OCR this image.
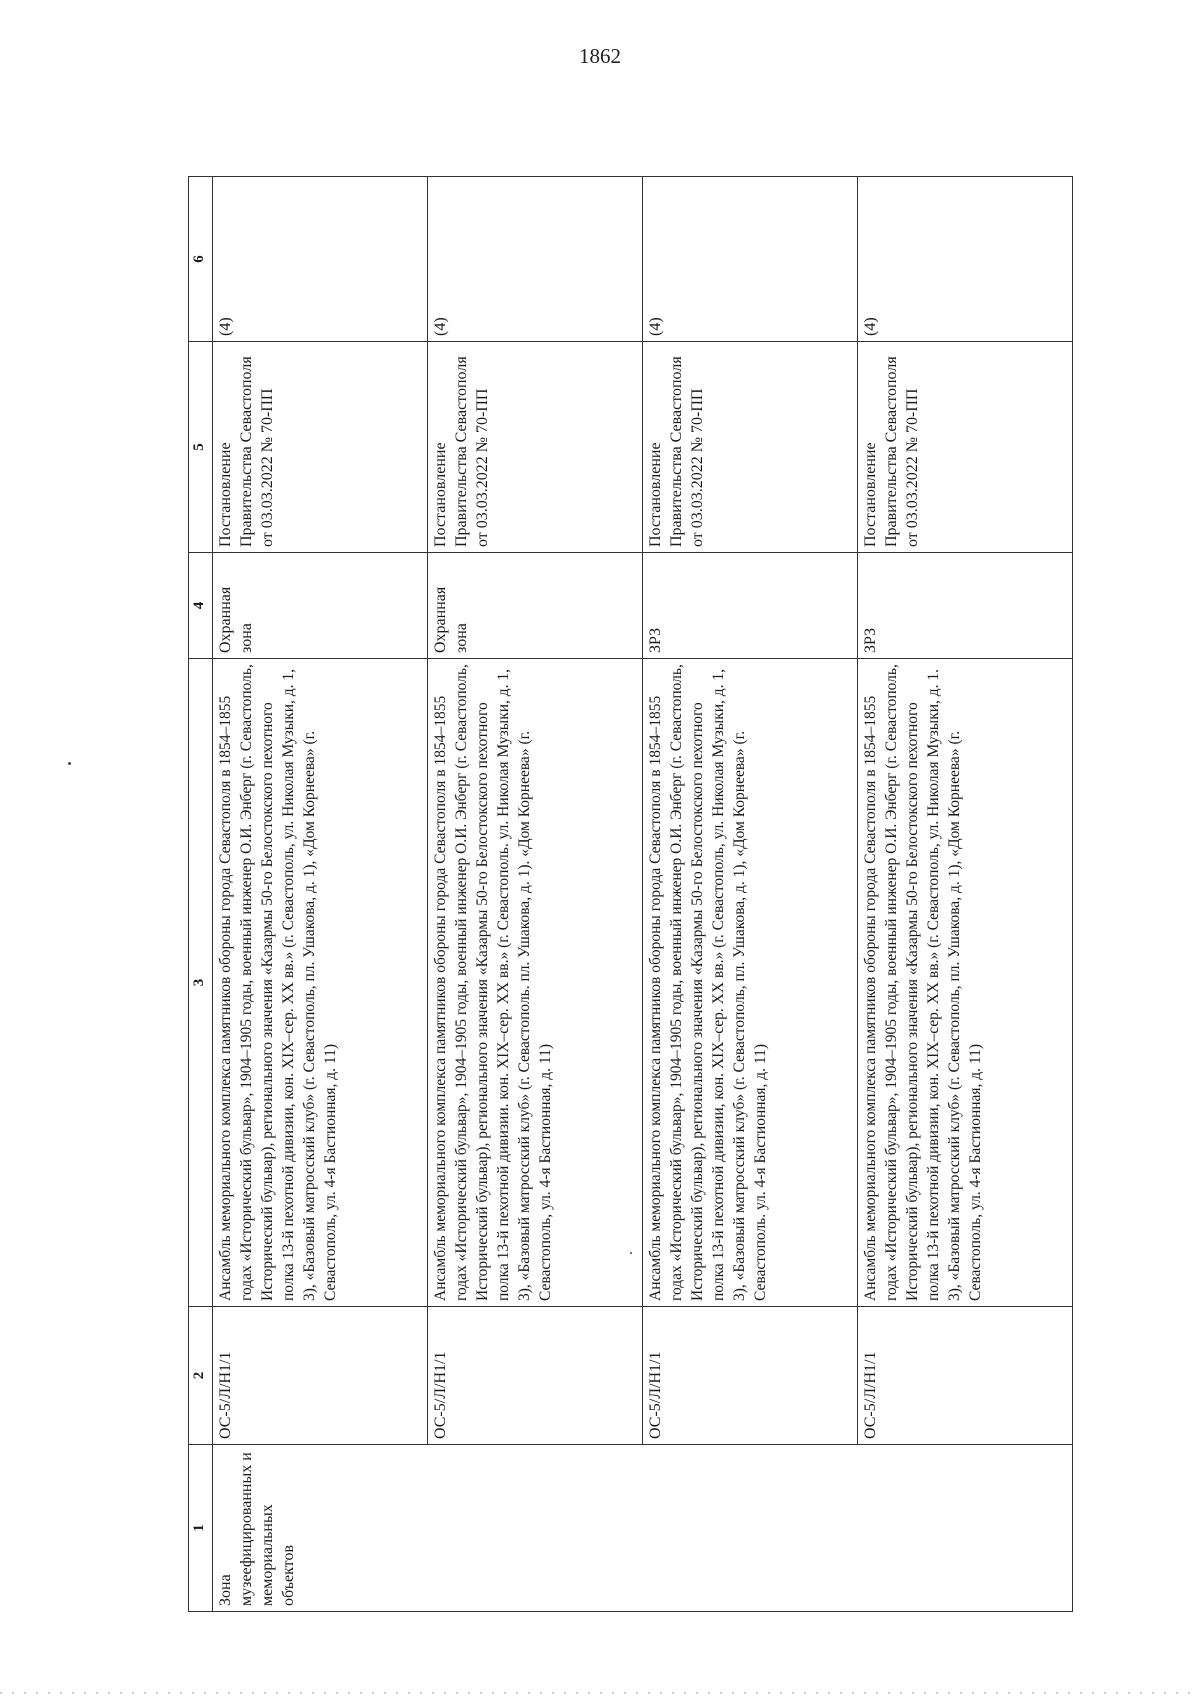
1862
1	2	3	4	5	6
Зона музеефицированных и мемориальных объектов	ОС-5/Л/Н1/1	Ансамбль мемориального комплекса памятников обороны города Севастополя в 1854–1855 годах «Исторический бульвар», 1904–1905 годы, военный инженер О.И. Энберг (г. Севастополь, Исторический бульвар), регионального значения «Казармы 50-го Белостокского пехотного полка 13-й пехотной дивизии, кон. XIX–сер. XX вв.» (г. Севастополь, ул. Николая Музыки, д. 1, 3), «Базовый матросский клуб» (г. Севастополь, пл. Ушакова, д. 1), «Дом Корнеева» (г. Севастополь, ул. 4-я Бастионная, д. 11)	Охранная зона	Постановление Правительства Севастополя от 03.03.2022 № 70-ПП	(4)
	ОС-5/Л/Н1/1	Ансамбль мемориального комплекса памятников обороны города Севастополя в 1854–1855 годах «Исторический бульвар», 1904–1905 годы, военный инженер О.И. Энберг (г. Севастополь, Исторический бульвар), регионального значения «Казармы 50-го Белостокского пехотного полка 13-й пехотной дивизии. кон. XIX–сер. XX вв.» (г. Севастополь. ул. Николая Музыки, д. 1, 3), «Базовый матросский клуб» (г. Севастополь. пл. Ушакова, д. 1). «Дом Корнеева» (г. Севастополь, ул. 4-я Бастионная, д. 11)	Охранная зона	Постановление Правительства Севастополя от 03.03.2022 № 70-ПП	(4)
	ОС-5/Л/Н1/1	Ансамбль мемориального комплекса памятников обороны города Севастополя в 1854–1855 годах «Исторический бульвар», 1904–1905 годы, военный инженер О.И. Энберг (г. Севастополь, Исторический бульвар), регионального значения «Казармы 50-го Белостокского пехотного полка 13-й пехотной дивизии, кон. XIX–сер. XX вв.» (г. Севастополь, ул. Николая Музыки, д. 1, 3), «Базовый матросский клуб» (г. Севастополь, пл. Ушакова, д. 1), «Дом Корнеева» (г. Севастополь. ул. 4-я Бастионная, д. 11)	ЗРЗ	Постановление Правительства Севастополя от 03.03.2022 № 70-ПП	(4)
	ОС-5/Л/Н1/1	Ансамбль мемориального комплекса памятников обороны города Севастополя в 1854–1855 годах «Исторический бульвар», 1904–1905 годы, военный инженер О.И. Энберг (г. Севастополь, Исторический бульвар), регионального значения «Казармы 50-го Белостокского пехотного полка 13-й пехотной дивизии, кон. XIX–сер. XX вв.» (г. Севастополь, ул. Николая Музыки, д. 1. 3), «Базовый матросский клуб» (г. Севастополь, пл. Ушакова, д. 1), «Дом Корнеева» (г. Севастополь, ул. 4-я Бастионная, д. 11)	ЗРЗ	Постановление Правительства Севастополя от 03.03.2022 № 70-ПП	(4)
